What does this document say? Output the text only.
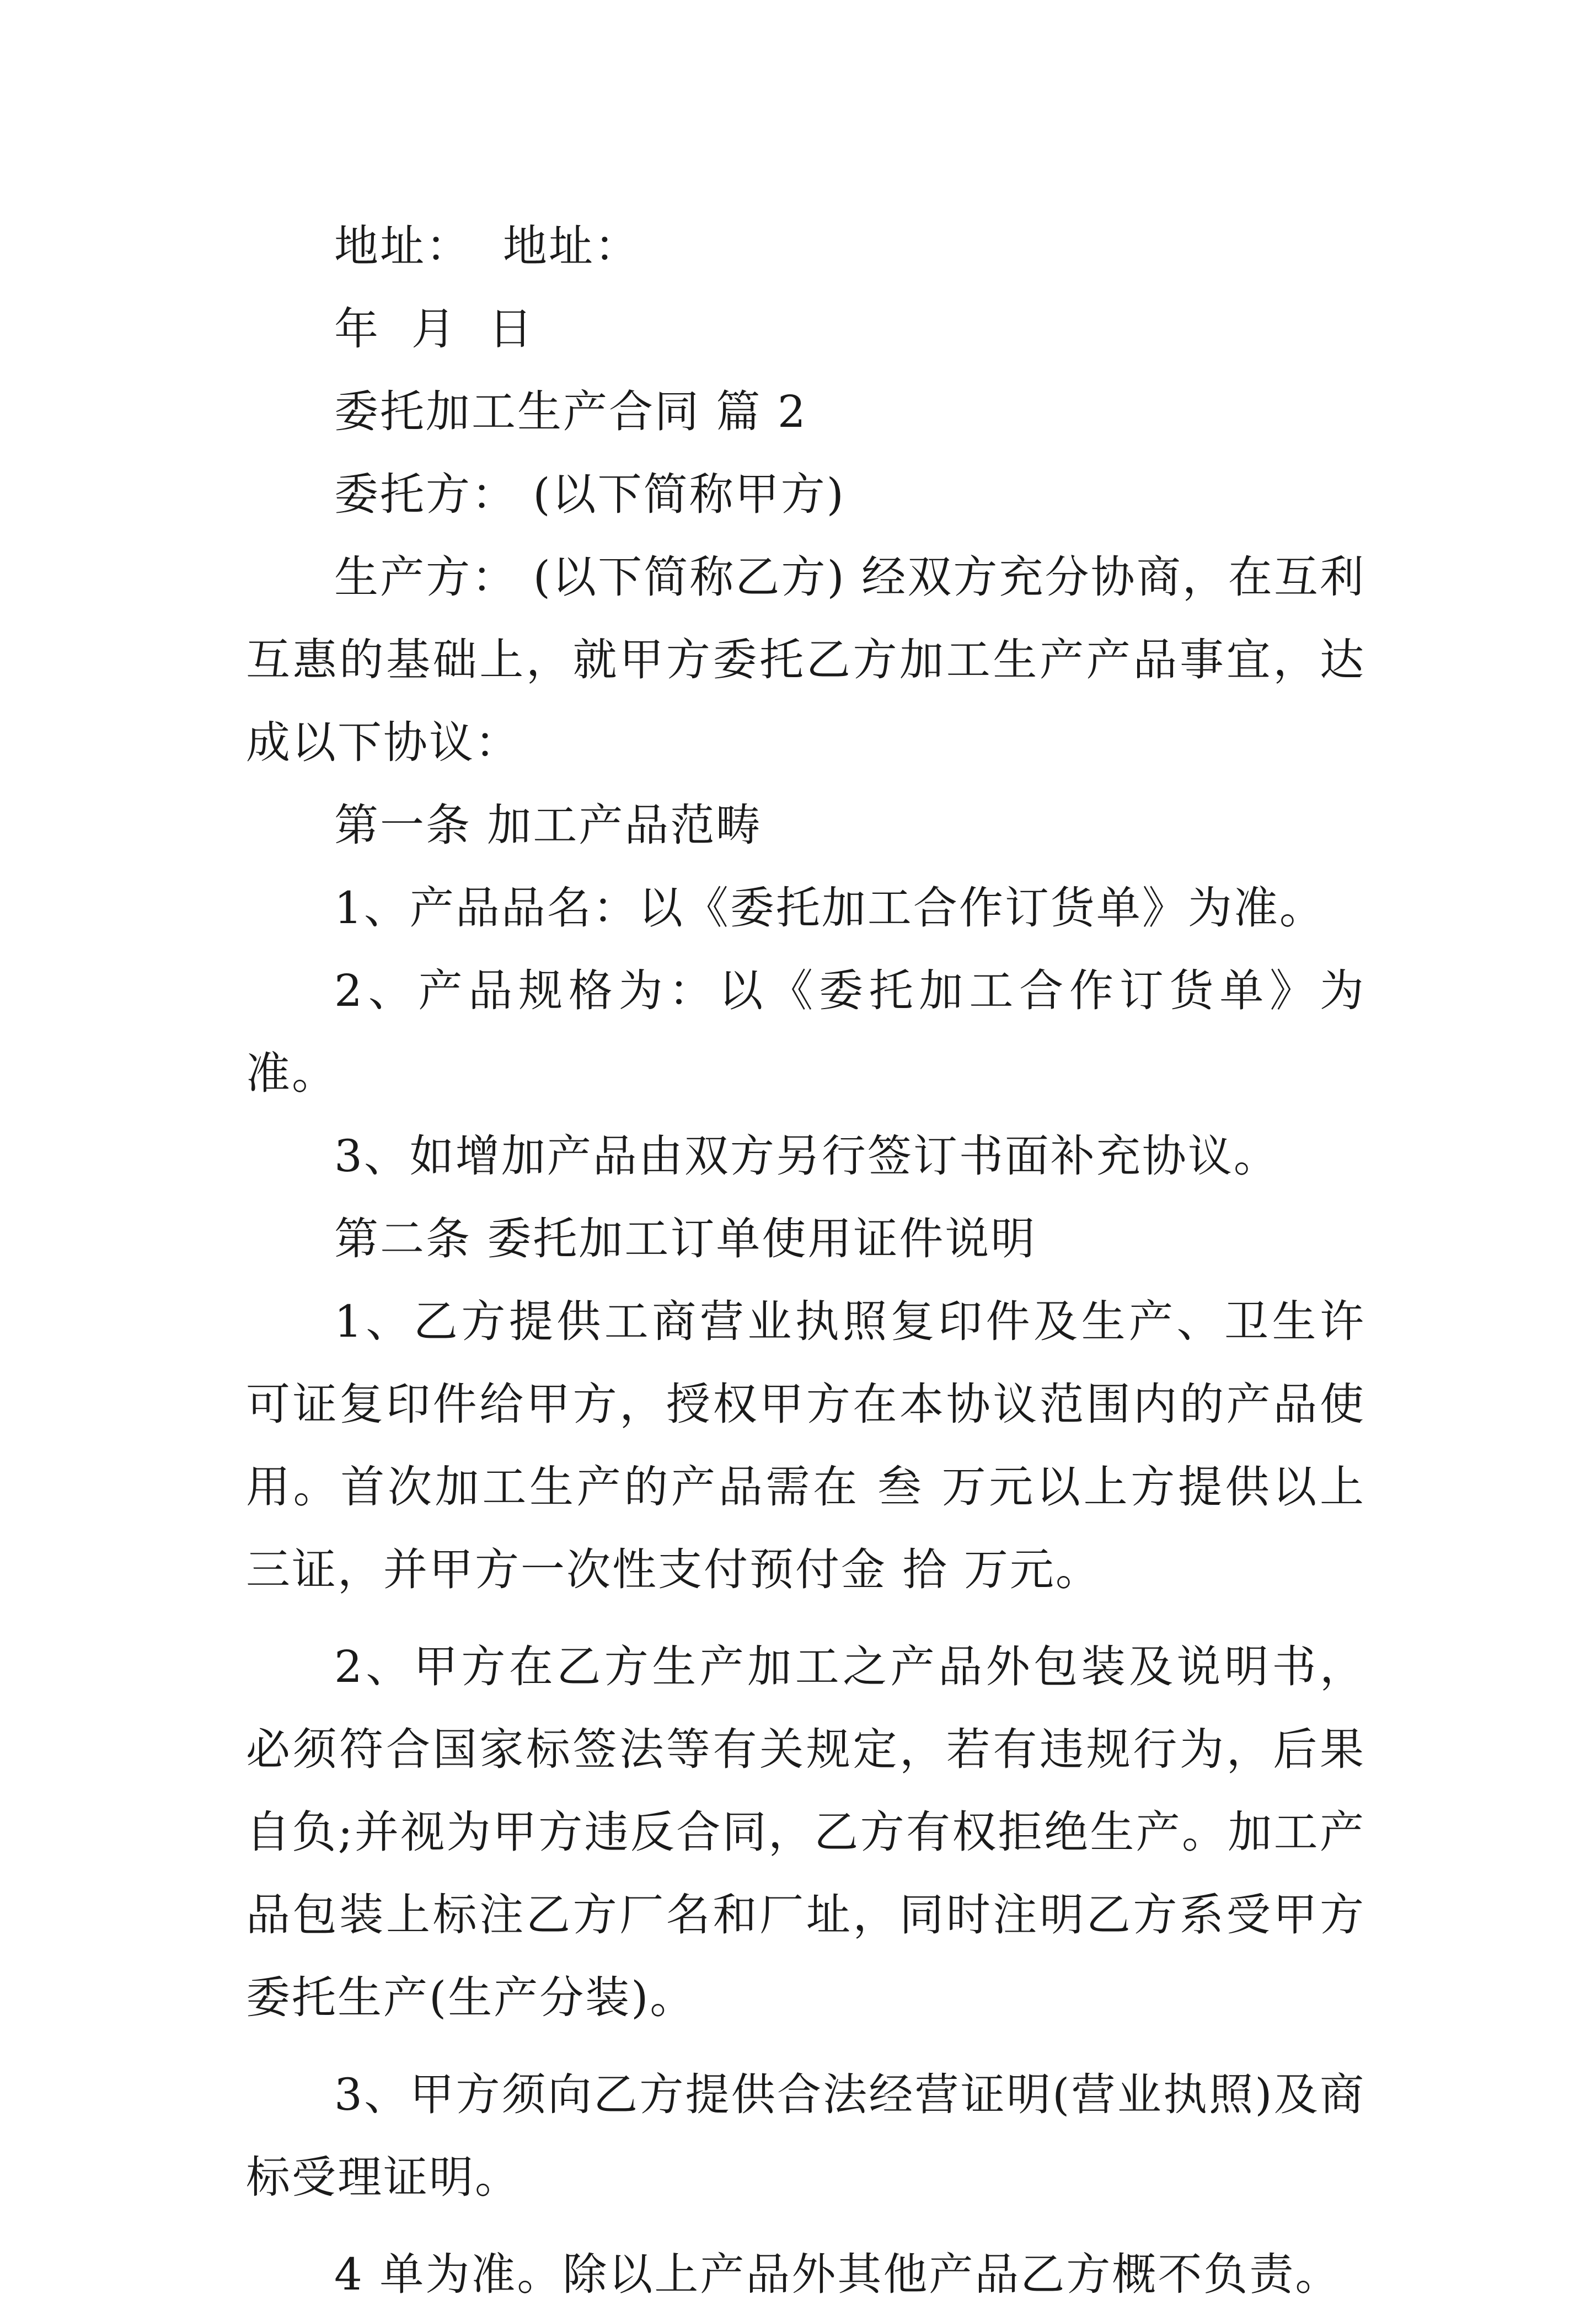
地址：  地址：

年  月  日

委托加工生产合同 篇 2

委托方： (以下简称甲方)

生产方： (以下简称乙方) 经双方充分协商，在互利互惠的基础上，就甲方委托乙方加工生产产品事宜，达成以下协议：

第一条 加工产品范畴

1、产品品名：以《委托加工合作订货单》为准。

2、产品规格为：以《委托加工合作订货单》为准。

3、如增加产品由双方另行签订书面补充协议。

第二条 委托加工订单使用证件说明

1、乙方提供工商营业执照复印件及生产、卫生许可证复印件给甲方，授权甲方在本协议范围内的产品使用。首次加工生产的产品需在 叁 万元以上方提供以上三证，并甲方一次性支付预付金 拾 万元。

2、甲方在乙方生产加工之产品外包装及说明书，必须符合国家标签法等有关规定，若有违规行为，后果自负;并视为甲方违反合同，乙方有权拒绝生产。加工产品包装上标注乙方厂名和厂址，同时注明乙方系受甲方委托生产(生产分装)。

3、甲方须向乙方提供合法经营证明(营业执照)及商标受理证明。

4 单为准。除以上产品外其他产品乙方概不负责。
